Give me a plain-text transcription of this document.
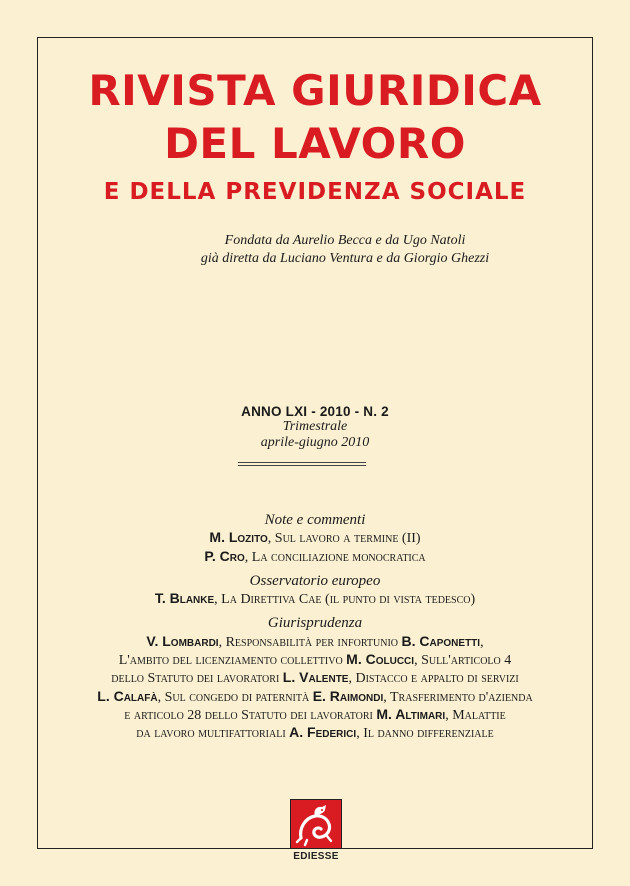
RIVISTA GIURIDICA
DEL LAVORO
E DELLA PREVIDENZA SOCIALE
Fondata da Aurelio Becca e da Ugo Natoli
già diretta da Luciano Ventura e da Giorgio Ghezzi
ANNO LXI - 2010 - N. 2
Trimestrale
aprile-giugno 2010
Note e commenti
M. Lozito, Sul lavoro a termine (II)
P. Cro, La conciliazione monocratica
Osservatorio europeo
T. Blanke, La Direttiva Cae (il punto di vista tedesco)
Giurisprudenza
V. Lombardi, Responsabilità per infortunio B. Caponetti,
L'ambito del licenziamento collettivo M. Colucci, Sull'articolo 4
dello Statuto dei lavoratori L. Valente, Distacco e appalto di servizi
L. Calafà, Sul congedo di paternità E. Raimondi, Trasferimento d'azienda
e articolo 28 dello Statuto dei lavoratori M. Altimari, Malattie
da lavoro multifattoriali A. Federici, Il danno differenziale
EDIESSE
